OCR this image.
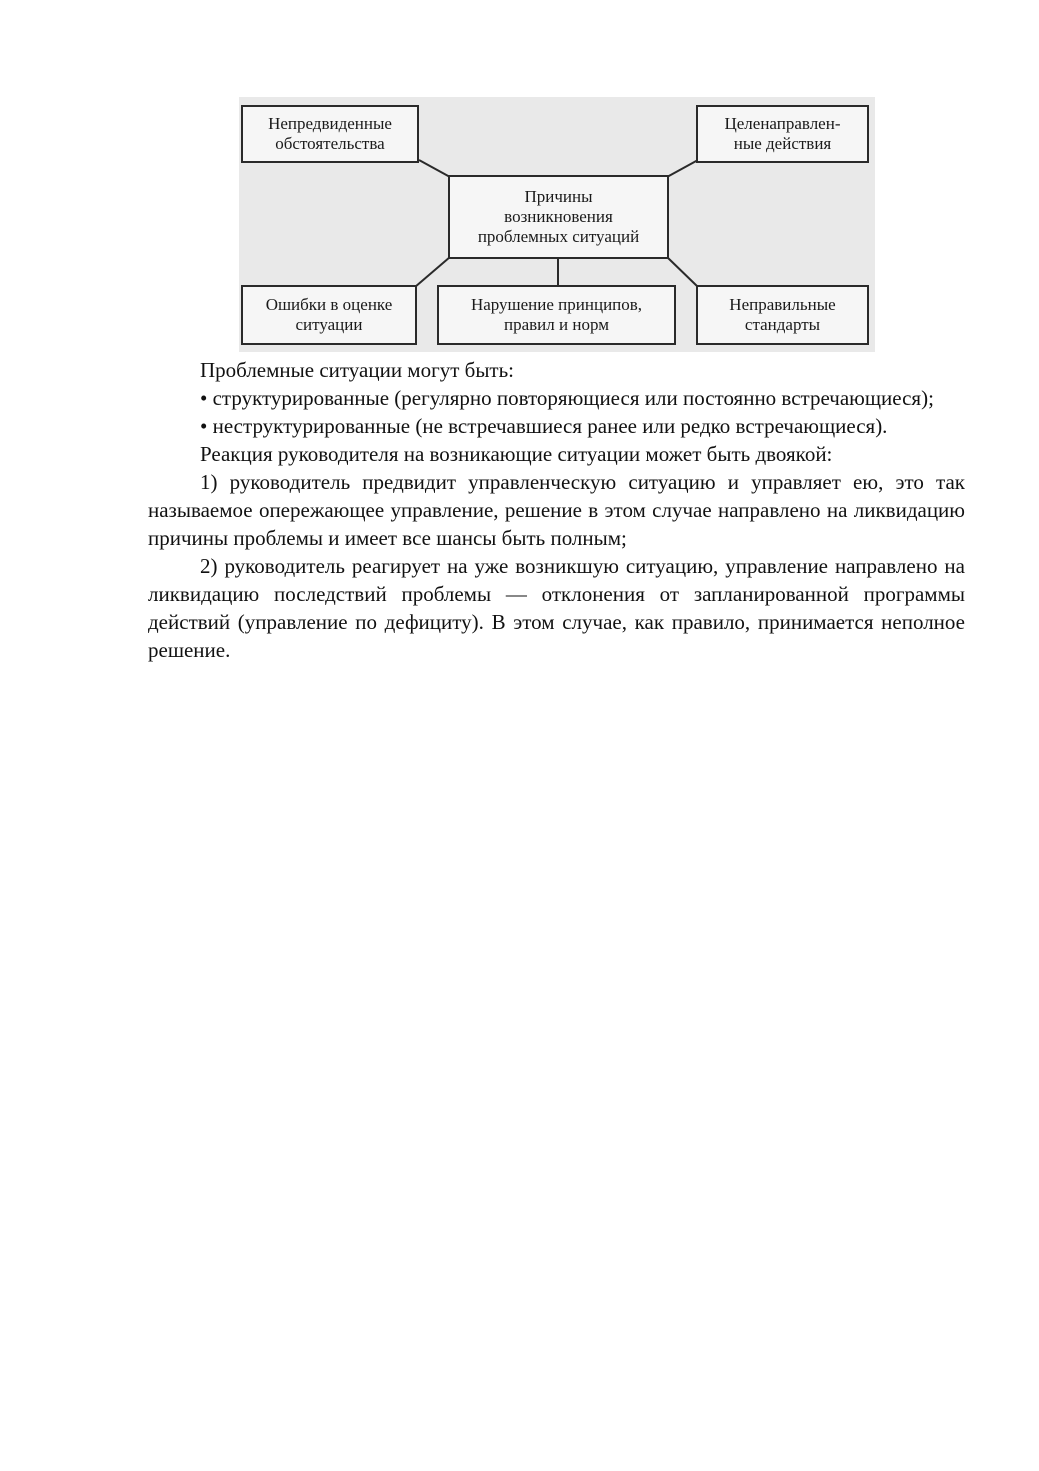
Непредвиденные
обстоятельства
Целенаправлен-
ные действия
Причины
возникновения
проблемных ситуаций
Ошибки в оценке
ситуации
Нарушение принципов,
правил и норм
Неправильные
стандарты

Проблемные ситуации могут быть:

• структурированные (регулярно повторяющиеся или постоянно встречающиеся);

• неструктурированные (не встречавшиеся ранее или редко встречающиеся).

Реакция руководителя на возникающие ситуации может быть двоякой:

1) руководитель предвидит управленческую ситуацию и управляет ею, это так называемое опережающее управление, решение в этом случае направлено на ликвидацию причины проблемы и имеет все шансы быть полным;

2) руководитель реагирует на уже возникшую ситуацию, управление направлено на ликвидацию последствий проблемы — отклонения от запланированной программы действий (управление по дефициту). В этом случае, как правило, принимается неполное решение.
